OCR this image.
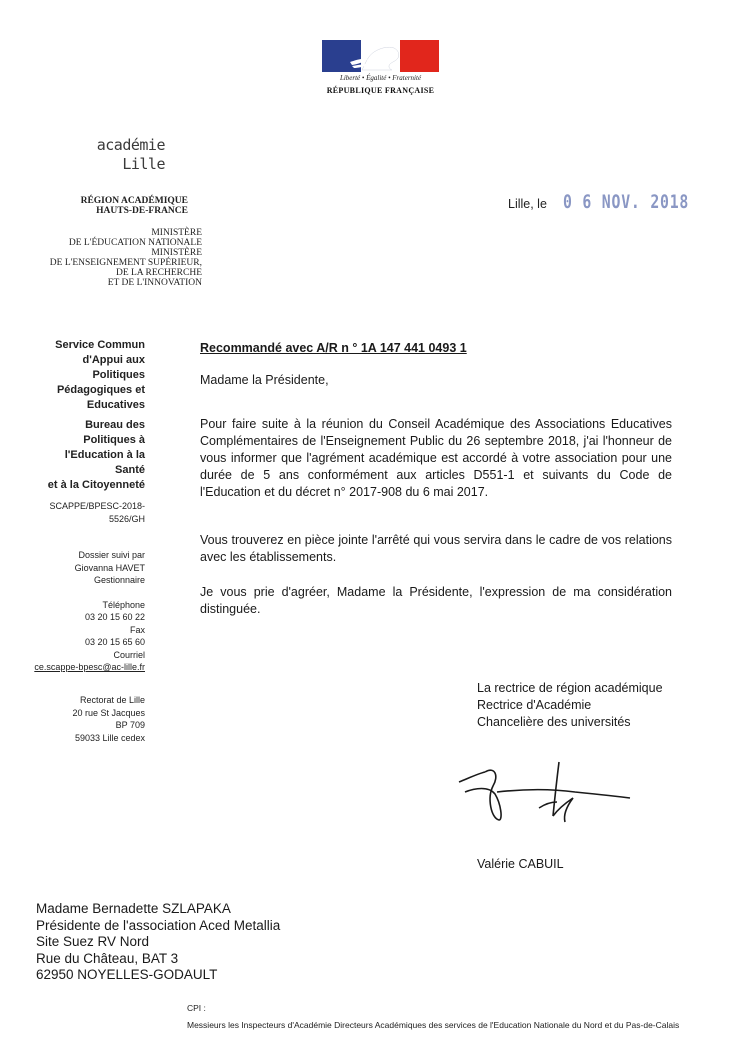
Liberté • Égalité • Fraternité
RÉPUBLIQUE FRANÇAISE
académie
Lille
RÉGION ACADÉMIQUE
HAUTS-DE-FRANCE
MINISTÈRE
DE L'ÉDUCATION NATIONALE
MINISTÈRE
DE L'ENSEIGNEMENT SUPÉRIEUR,
DE LA RECHERCHE
ET DE L'INNOVATION
Lille, le 0 6 NOV. 2018
Service Commun
d'Appui aux
Politiques
Pédagogiques et
Educatives
Bureau des
Politiques à
l'Education à la Santé
et à la Citoyenneté
SCAPPE/BPESC-2018-
5526/GH
Dossier suivi par
Giovanna HAVET
Gestionnaire
Téléphone
03 20 15 60 22
Fax
03 20 15 65 60
Courriel
ce.scappe-bpesc@ac-lille.fr
Rectorat de Lille
20 rue St Jacques
BP 709
59033 Lille cedex
Recommandé avec A/R n ° 1A 147 441 0493 1
Madame la Présidente,
Pour faire suite à la réunion du Conseil Académique des Associations Educatives Complémentaires de l'Enseignement Public du 26 septembre 2018, j'ai l'honneur de vous informer que l'agrément académique est accordé à votre association pour une durée de 5 ans conformément aux articles D551-1 et suivants du Code de l'Education et du décret n° 2017-908 du 6 mai 2017.
Vous trouverez en pièce jointe l'arrêté qui vous servira dans le cadre de vos relations avec les établissements.
Je vous prie d'agréer, Madame la Présidente, l'expression de ma considération distinguée.
La rectrice de région académique
Rectrice d'Académie
Chancelière des universités
Valérie CABUIL
Madame Bernadette SZLAPAKA
Présidente de l'association Aced Metallia
Site Suez RV Nord
Rue du Château, BAT 3
62950 NOYELLES-GODAULT
CPI :
Messieurs les Inspecteurs d'Académie Directeurs Académiques des services de l'Education Nationale du Nord et du Pas-de-Calais
